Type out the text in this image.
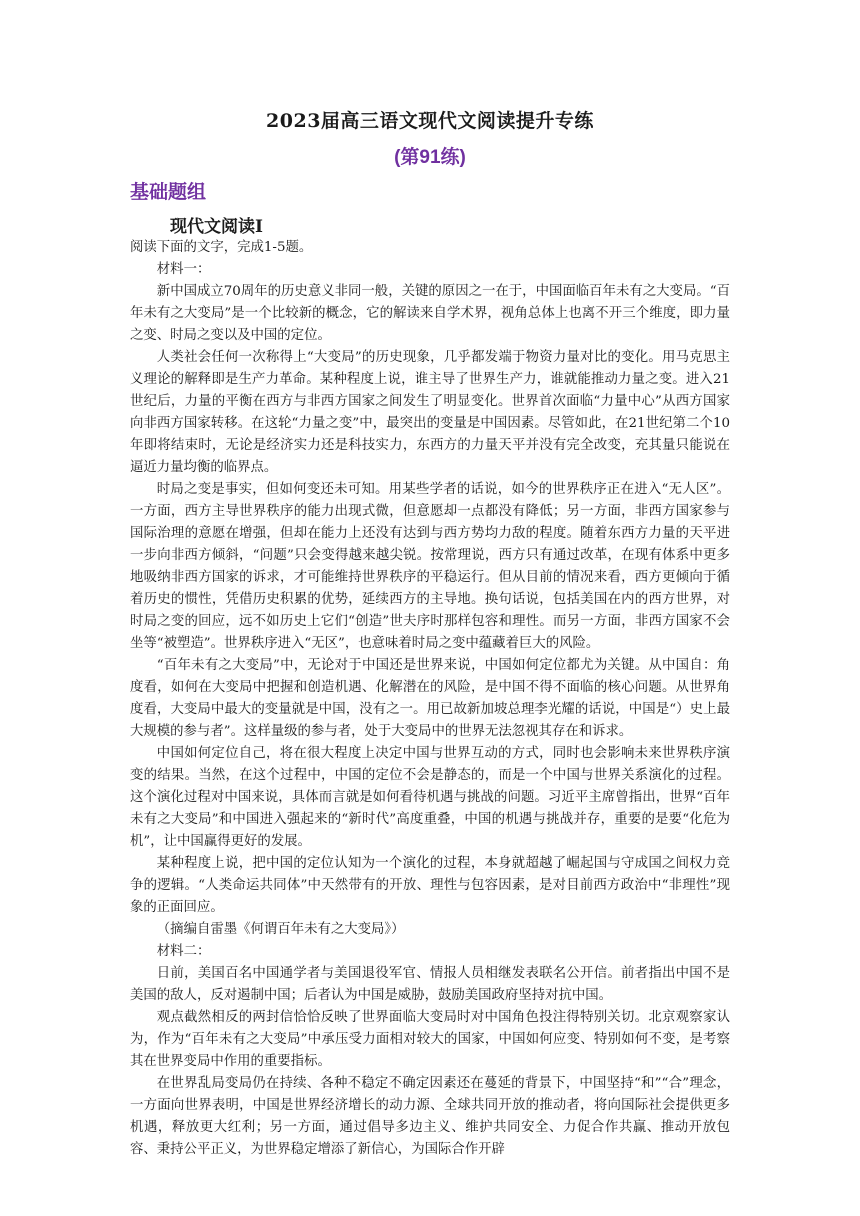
2023届高三语文现代文阅读提升专练
(第91练)
基础题组
现代文阅读Ⅰ

阅读下面的文字，完成1-5题。

材料一：

新中国成立70周年的历史意义非同一般，关键的原因之一在于，中国面临百年未有之大变局。“百年未有之大变局”是一个比较新的概念，它的解读来自学术界，视角总体上也离不开三个维度，即力量之变、时局之变以及中国的定位。

人类社会任何一次称得上“大变局”的历史现象，几乎都发端于物资力量对比的变化。用马克思主义理论的解释即是生产力革命。某种程度上说，谁主导了世界生产力，谁就能推动力量之变。进入21世纪后，力量的平衡在西方与非西方国家之间发生了明显变化。世界首次面临“力量中心”从西方国家向非西方国家转移。在这轮“力量之变”中，最突出的变量是中国因素。尽管如此，在21世纪第二个10年即将结束时，无论是经济实力还是科技实力，东西方的力量天平并没有完全改变，充其量只能说在逼近力量均衡的临界点。

时局之变是事实，但如何变还未可知。用某些学者的话说，如今的世界秩序正在进入“无人区”。一方面，西方主导世界秩序的能力出现式微，但意愿却一点都没有降低；另一方面，非西方国家参与国际治理的意愿在增强，但却在能力上还没有达到与西方势均力敌的程度。随着东西方力量的天平进一步向非西方倾斜，“问题”只会变得越来越尖锐。按常理说，西方只有通过改革，在现有体系中更多地吸纳非西方国家的诉求，才可能维持世界秩序的平稳运行。但从目前的情况来看，西方更倾向于循着历史的惯性，凭借历史积累的优势，延续西方的主导地。换句话说，包括美国在内的西方世界，对时局之变的回应，远不如历史上它们“创造”世夫序时那样包容和理性。而另一方面，非西方国家不会坐等“被塑造”。世界秩序进入“无区”，也意味着时局之变中蕴藏着巨大的风险。

“百年未有之大变局”中，无论对于中国还是世界来说，中国如何定位都尤为关键。从中国自：角度看，如何在大变局中把握和创造机遇、化解潜在的风险，是中国不得不面临的核心问题。从世界角度看，大变局中最大的变量就是中国，没有之一。用已故新加坡总理李光耀的话说，中国是“）史上最大规模的参与者”。这样量级的参与者，处于大变局中的世界无法忽视其存在和诉求。

中国如何定位自己，将在很大程度上决定中国与世界互动的方式，同时也会影响未来世界秩序演变的结果。当然，在这个过程中，中国的定位不会是静态的，而是一个中国与世界关系演化的过程。这个演化过程对中国来说，具体而言就是如何看待机遇与挑战的问题。习近平主席曾指出，世界“百年未有之大变局”和中国进入强起来的“新时代”高度重叠，中国的机遇与挑战并存，重要的是要“化危为机”，让中国赢得更好的发展。

某种程度上说，把中国的定位认知为一个演化的过程，本身就超越了崛起国与守成国之间权力竞争的逻辑。“人类命运共同体”中天然带有的开放、理性与包容因素，是对目前西方政治中“非理性”现象的正面回应。

（摘编自雷墨《何谓百年未有之大变局》）

材料二：

日前，美国百名中国通学者与美国退役军官、情报人员相继发表联名公开信。前者指出中国不是美国的敌人，反对遏制中国；后者认为中国是威胁，鼓励美国政府坚持对抗中国。

观点截然相反的两封信恰恰反映了世界面临大变局时对中国角色投注得特别关切。北京观察家认为，作为“百年未有之大变局”中承压受力面相对较大的国家，中国如何应变、特别如何不变，是考察其在世界变局中作用的重要指标。

在世界乱局变局仍在持续、各种不稳定不确定因素还在蔓延的背景下，中国坚持“和”“合”理念，一方面向世界表明，中国是世界经济增长的动力源、全球共同开放的推动者，将向国际社会提供更多机遇，释放更大红利；另一方面，通过倡导多边主义、维护共同安全、力促合作共赢、推动开放包容、秉持公平正义，为世界稳定增添了新信心，为国际合作开辟
